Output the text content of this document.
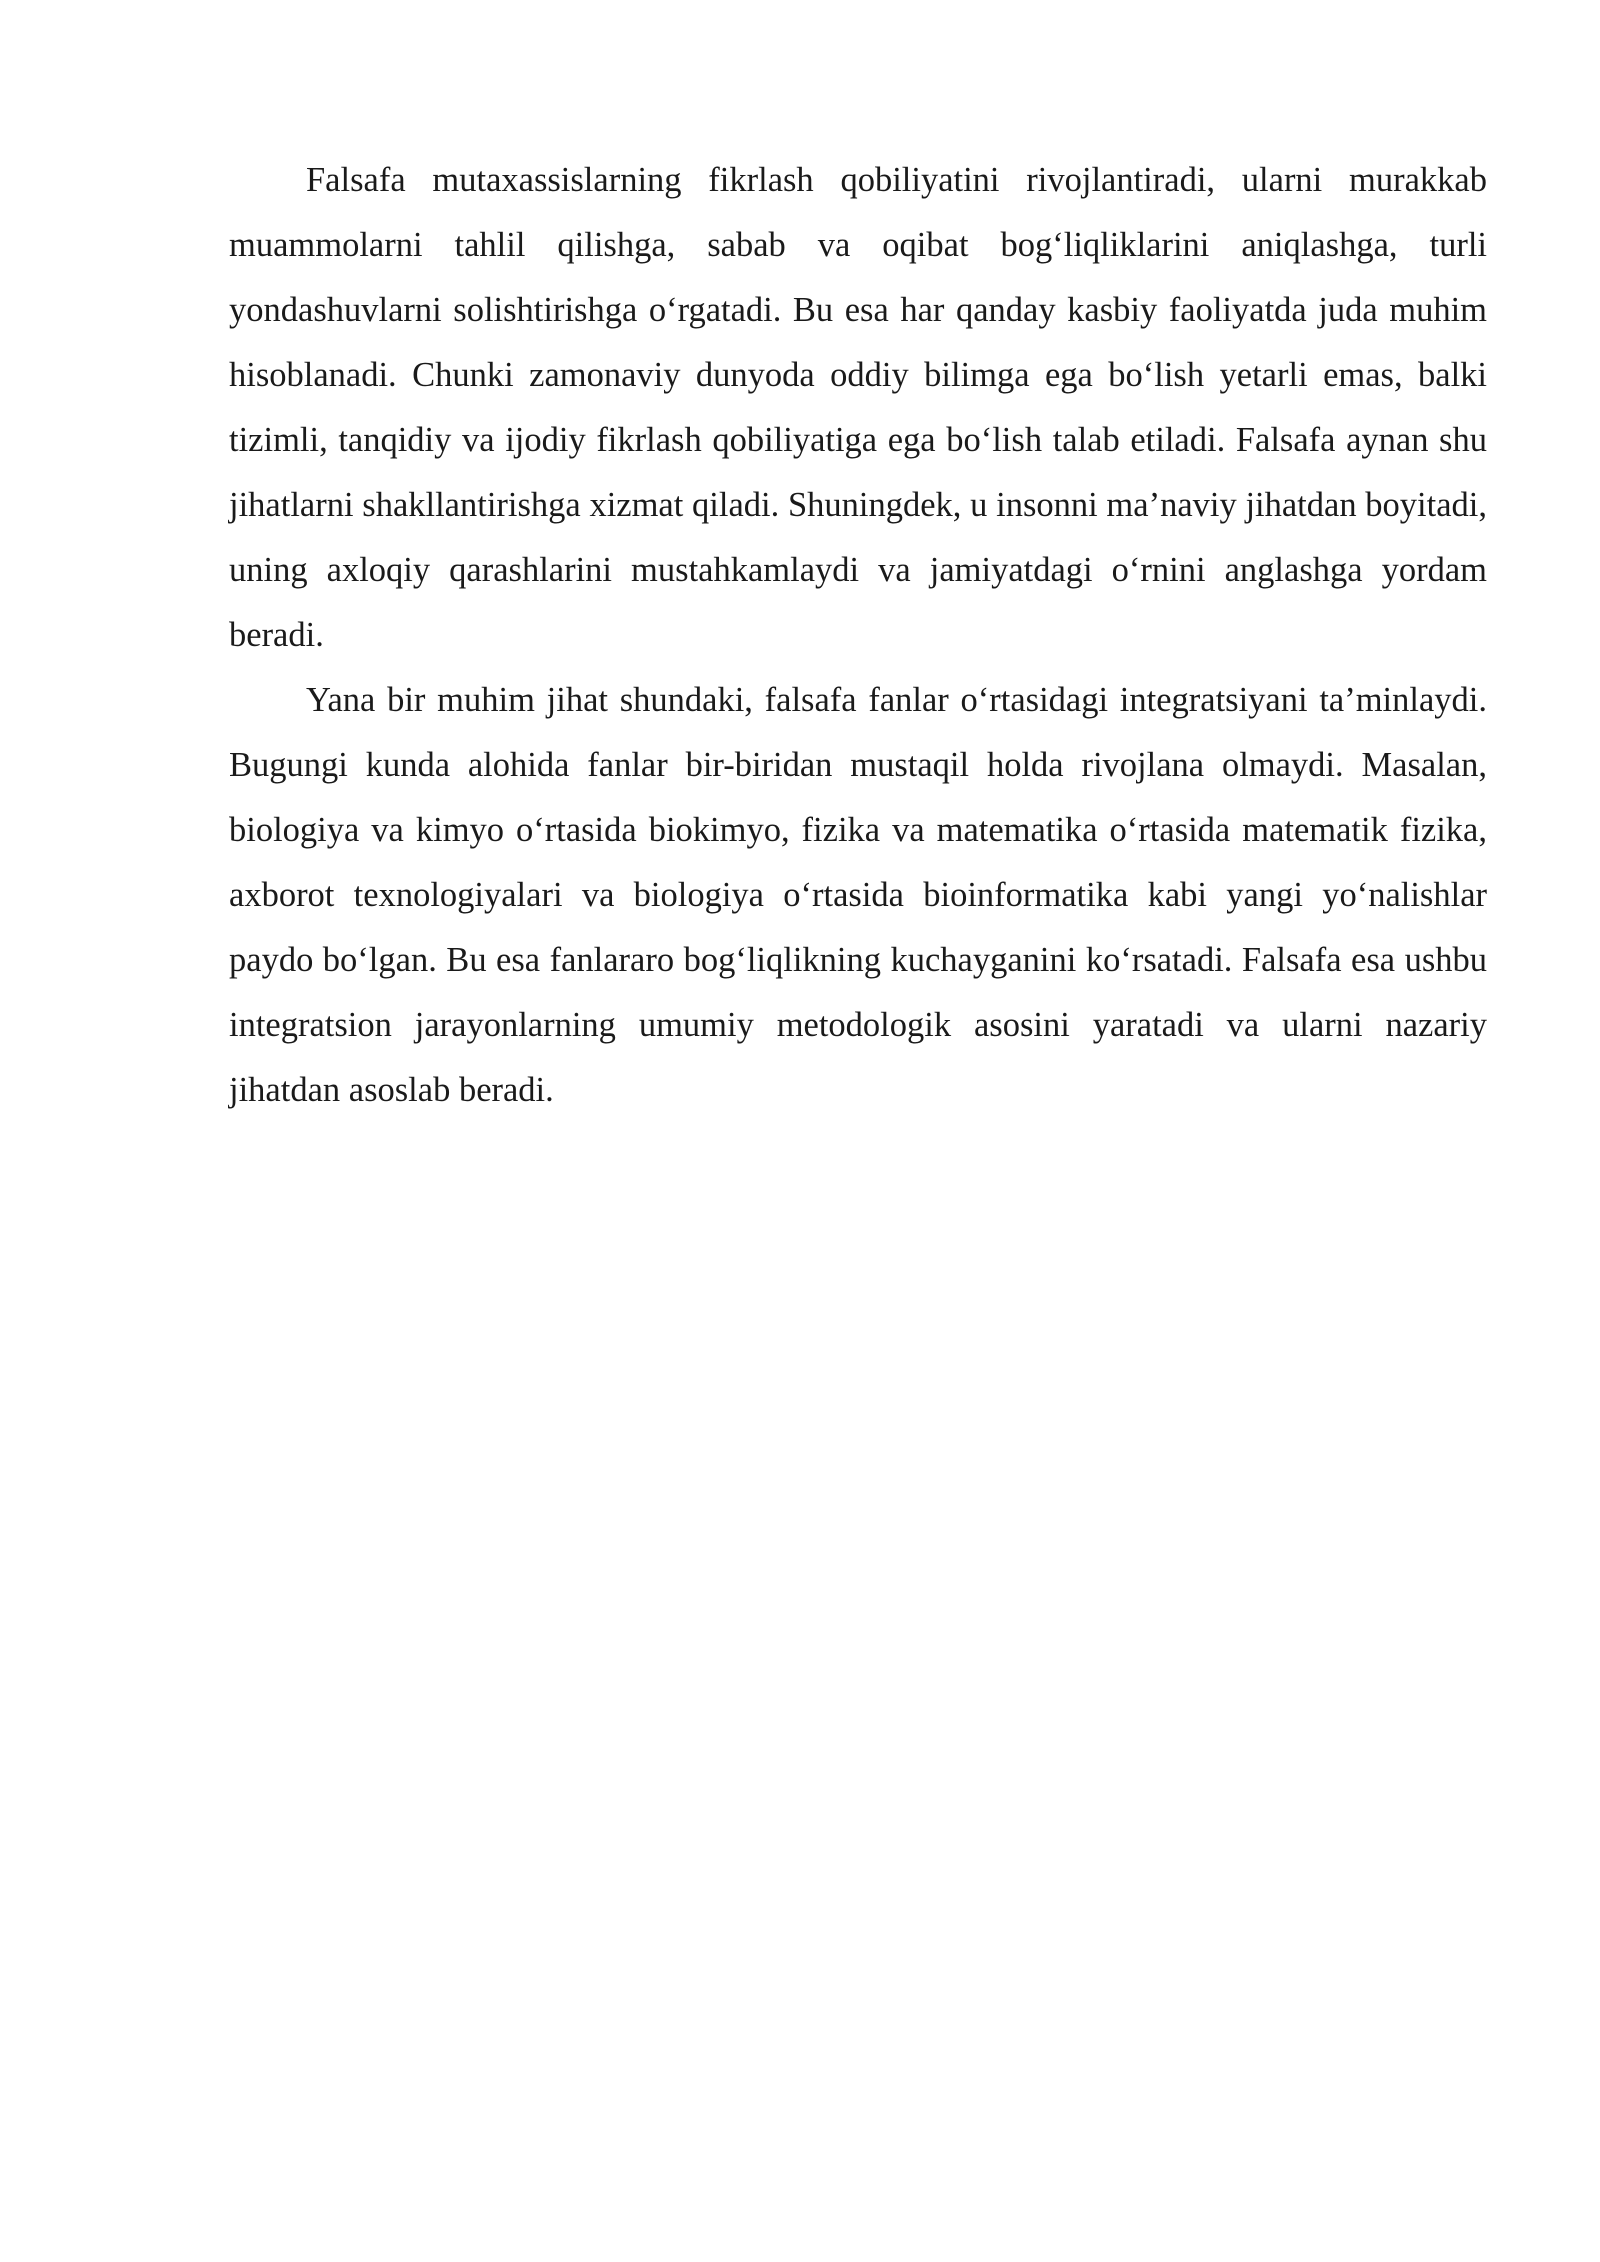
Falsafa mutaxassislarning fikrlash qobiliyatini rivojlantiradi, ularni murakkab muammolarni tahlil qilishga, sabab va oqibat bog‘liqliklarini aniqlashga, turli yondashuvlarni solishtirishga o‘rgatadi. Bu esa har qanday kasbiy faoliyatda juda muhim hisoblanadi. Chunki zamonaviy dunyoda oddiy bilimga ega bo‘lish yetarli emas, balki tizimli, tanqidiy va ijodiy fikrlash qobiliyatiga ega bo‘lish talab etiladi. Falsafa aynan shu jihatlarni shakllantirishga xizmat qiladi. Shuningdek, u insonni ma’naviy jihatdan boyitadi, uning axloqiy qarashlarini mustahkamlaydi va jamiyatdagi o‘rnini anglashga yordam beradi.

Yana bir muhim jihat shundaki, falsafa fanlar o‘rtasidagi integratsiyani ta’minlaydi. Bugungi kunda alohida fanlar bir-biridan mustaqil holda rivojlana olmaydi. Masalan, biologiya va kimyo o‘rtasida biokimyo, fizika va matematika o‘rtasida matematik fizika, axborot texnologiyalari va biologiya o‘rtasida bioinformatika kabi yangi yo‘nalishlar paydo bo‘lgan. Bu esa fanlararo bog‘liqlikning kuchayganini ko‘rsatadi. Falsafa esa ushbu integratsion jarayonlarning umumiy metodologik asosini yaratadi va ularni nazariy jihatdan asoslab beradi.
